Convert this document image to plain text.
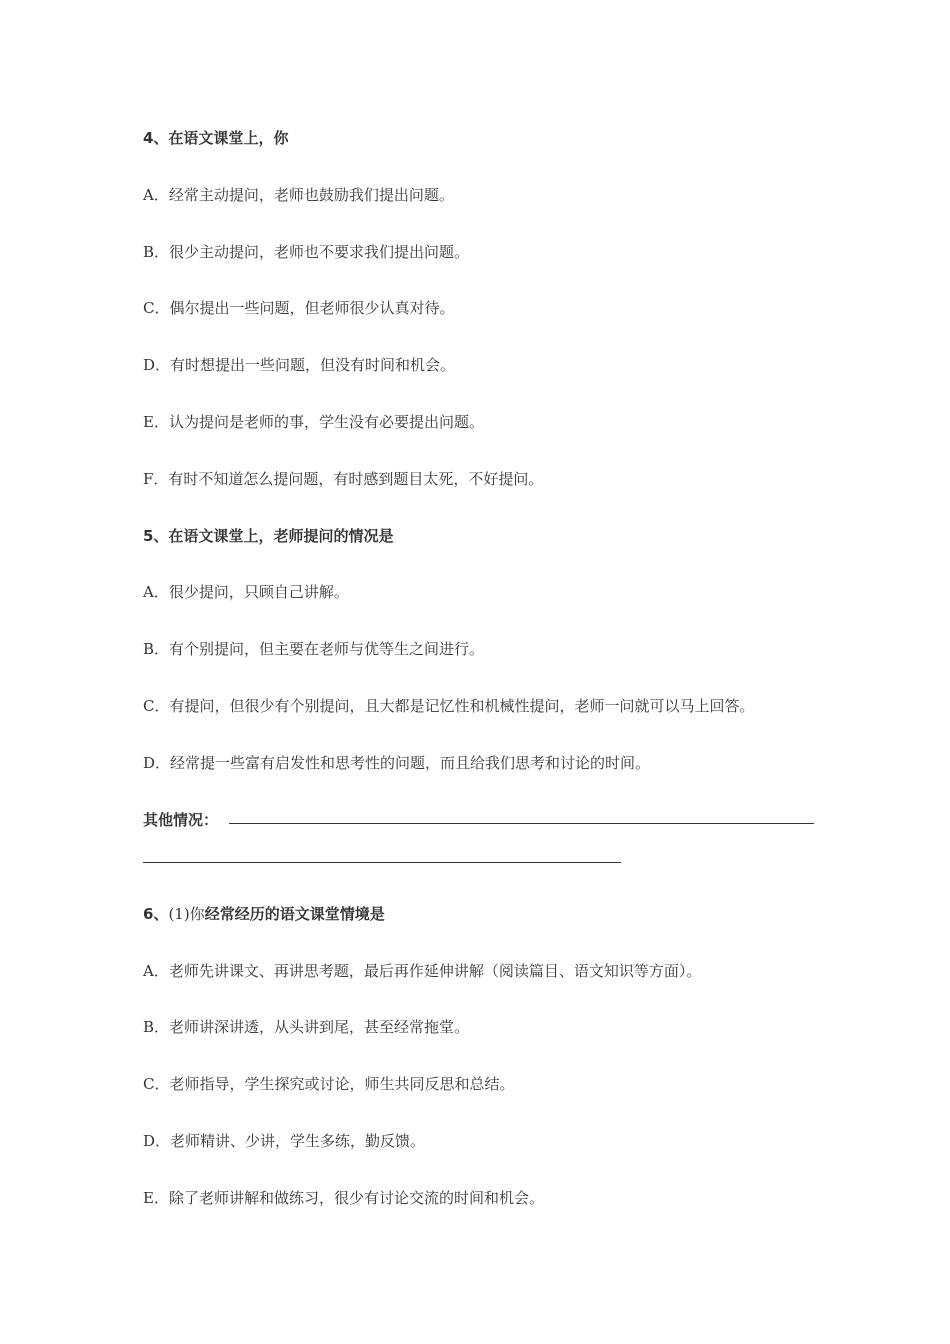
4、在语文课堂上，你
A．经常主动提问，老师也鼓励我们提出问题。
B．很少主动提问，老师也不要求我们提出问题。
C．偶尔提出一些问题，但老师很少认真对待。
D．有时想提出一些问题，但没有时间和机会。
E．认为提问是老师的事，学生没有必要提出问题。
F．有时不知道怎么提问题，有时感到题目太死，不好提问。
5、在语文课堂上，老师提问的情况是
A．很少提问，只顾自己讲解。
B．有个别提问，但主要在老师与优等生之间进行。
C．有提问，但很少有个别提问，且大都是记忆性和机械性提问，老师一问就可以马上回答。
D．经常提一些富有启发性和思考性的问题，而且给我们思考和讨论的时间。
其他情况：
6、(1)你经常经历的语文课堂情境是
A．老师先讲课文、再讲思考题，最后再作延伸讲解（阅读篇目、语文知识等方面）。
B．老师讲深讲透，从头讲到尾，甚至经常拖堂。
C．老师指导，学生探究或讨论，师生共同反思和总结。
D．老师精讲、少讲，学生多练，勤反馈。
E．除了老师讲解和做练习，很少有讨论交流的时间和机会。
